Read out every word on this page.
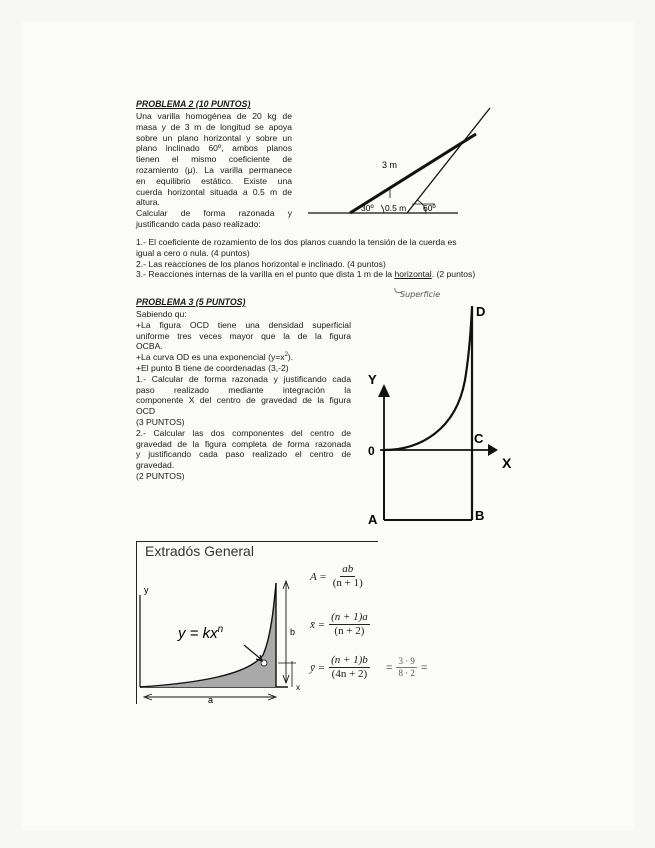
PROBLEMA 2 (10 PUNTOS)
Una varilla homogénea de 20 kg de
masa y de 3 m de longitud se apoya
sobre un plano horizontal y sobre un
plano inclinado 60º, ambos planos
tienen el mismo coeficiente de
rozamiento (μ). La varilla permanece
en equilibrio estático. Existe una
cuerda horizontal situada a 0.5 m de
altura.
Calcular de forma razonada y
justificando cada paso realizado:
3 m
30º 0.5 m 60º
1.- El coeficiente de rozamiento de los dos planos cuando la tensión de la cuerda es
igual a cero o nula. (4 puntos)
2.- Las reacciones de los planos horizontal e inclinado. (4 puntos)
3.- Reacciones internas de la varilla en el punto que dista 1 m de la horizontal. (2 puntos)
Superficie
PROBLEMA 3 (5 PUNTOS)
Sabiendo qu:
+La figura OCD tiene una densidad superficial
uniforme tres veces mayor que la de la figura
OCBA.
+La curva OD es una exponencial $(y=x^2)$.
+El punto B tiene de coordenadas (3,-2)
1.- Calcular de forma razonada y justificando cada
paso realizado mediante integración la
componente X del centro de gravedad de la figura
OCD
(3 PUNTOS)
2.- Calcular las dos componentes del centro de
gravedad de la figura completa de forma razonada
y justificando cada paso realizado el centro de
gravedad.
(2 PUNTOS)
D
Y
C
0
X
A	B
Extradós General
y
x
$y = kx^n$	b
a
$A = \frac{ab}{(n + 1)}$
x̄ = $\frac{(n + 1)a}{(n + 2)}$
ȳ = $\frac{(n + 1)b}{(4n + 2)} = \frac{3 \cdot 9}{8 \cdot 2}$ =
